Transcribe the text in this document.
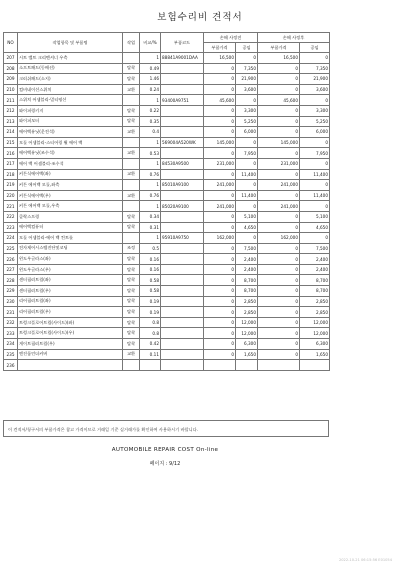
보험수리비 견적서
NO	작업항목 및 부품명	작업	비교/%	부품코드	손해 사정전		손해 사정후	
					부품가격	공임	부품가격	공임
207	시트 밸트 크리멘셔너 우측		1	88841A9001DAA	16,500	0	16,500	0
208	소프트패드(동배선)	탈착	0.49		0	7,350	0	7,350
209	크러쉬패드(소지)	탈착	1.46		0	21,900	0	21,900
210	컴비네이션스위치	교환	0.24		0	3,600	0	3,600
211	스위치 어셈블리-멀티펑션		1	93400A9751	45,600	0	45,600	0
212	와이퍼링키지	탈착	0.22		0	3,300	0	3,300
213	와이퍼모터	탈착	0.35		0	5,250	0	5,250
214	에어백유닛(운전석)	교환	0.4		0	6,000	0	6,000
215	모듈 어셈블리-스티어링 휠 에어 백		1	569004A520WK	145,000	0	145,000	0
216	에어백유닛(조수석)	교환	0.53		0	7,950	0	7,950
217	에어 백 어셈블리-조수석		1	84530A9500	231,000	0	231,000	0
218	커튼식에어백(좌)	교환	0.76		0	11,400	0	11,400
219	커튼 에어백 모듈,좌측		1	85010A9100	241,000	0	241,000	0
220	커튼식에어백(우)	교환	0.76		0	11,400	0	11,400
221	커튼 에어백 모듈,우측		1	85020A9100	241,000	0	241,000	0
222	클락스프링	탈착	0.34		0	5,100	0	5,100
223	에어백컴퓨터	탈착	0.31		0	4,650	0	4,650
224	모듈 어셈블리-에어 백 컨트롤		1	95910A9750	162,000	0	162,000	0
225	전자제어시스템진단및코딩	조정	0.5		0	7,500	0	7,500
226	윈도우글라스(좌)	탈착	0.16		0	2,400	0	2,400
227	윈도우글라스(우)	탈착	0.16		0	2,400	0	2,400
228	센터필러트림(좌)	탈착	0.58		0	8,700	0	8,700
229	센터필러트림(우)	탈착	0.58		0	8,700	0	8,700
230	리어필러트림(좌)	탈착	0.19		0	2,850	0	2,850
231	리어필러트림(우)	탈착	0.19		0	2,850	0	2,850
232	트렁크플로어트림(사이드)(좌)	탈착	0.8		0	12,000	0	12,000
233	트렁크플로어트림(사이드)(우)	탈착	0.8		0	12,000	0	12,000
234	게이트필러트림(우)	탈착	0.42		0	6,300	0	6,300
235	엔진룸언더커버	교환	0.11		0	1,650	0	1,650
236								
이 견적서/청구서의 부품가격은 참고 가격이므로 거래일 기준 실거래가를 확인하여 사용하시기 바랍니다.
AUTOMOBILE REPAIR COST On-line
페이지 : 9/12
2022-10-21 06:15:56 E01054
